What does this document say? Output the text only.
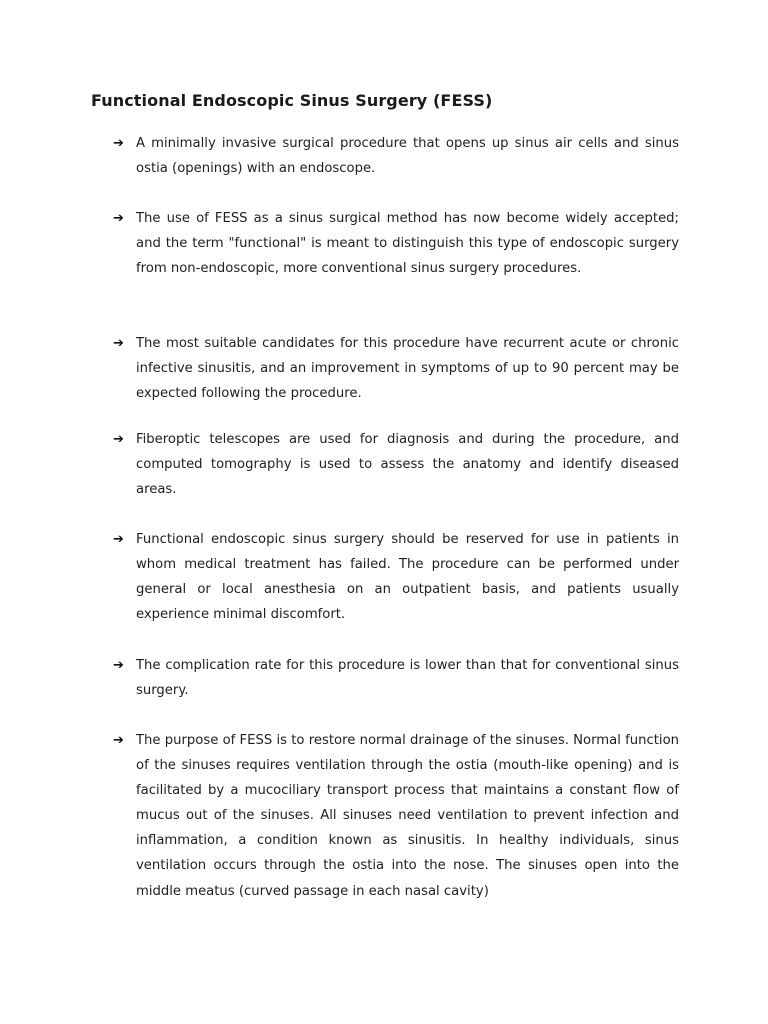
Functional Endoscopic Sinus Surgery (FESS)
➔ A minimally invasive surgical procedure that opens up sinus air cells and sinus ostia (openings) with an endoscope.

➔ The use of FESS as a sinus surgical method has now become widely accepted; and the term "functional" is meant to distinguish this type of endoscopic surgery from non-endoscopic, more conventional sinus surgery procedures.

➔ The most suitable candidates for this procedure have recurrent acute or chronic infective sinusitis, and an improvement in symptoms of up to 90 percent may be expected following the procedure.

➔ Fiberoptic telescopes are used for diagnosis and during the procedure, and computed tomography is used to assess the anatomy and identify diseased areas.

➔ Functional endoscopic sinus surgery should be reserved for use in patients in whom medical treatment has failed. The procedure can be performed under general or local anesthesia on an outpatient basis, and patients usually experience minimal discomfort.

➔ The complication rate for this procedure is lower than that for conventional sinus surgery.

➔ The purpose of FESS is to restore normal drainage of the sinuses. Normal function of the sinuses requires ventilation through the ostia (mouth-like opening) and is facilitated by a mucociliary transport process that maintains a constant flow of mucus out of the sinuses. All sinuses need ventilation to prevent infection and inflammation, a condition known as sinusitis. In healthy individuals, sinus ventilation occurs through the ostia into the nose. The sinuses open into the middle meatus (curved passage in each nasal cavity)
